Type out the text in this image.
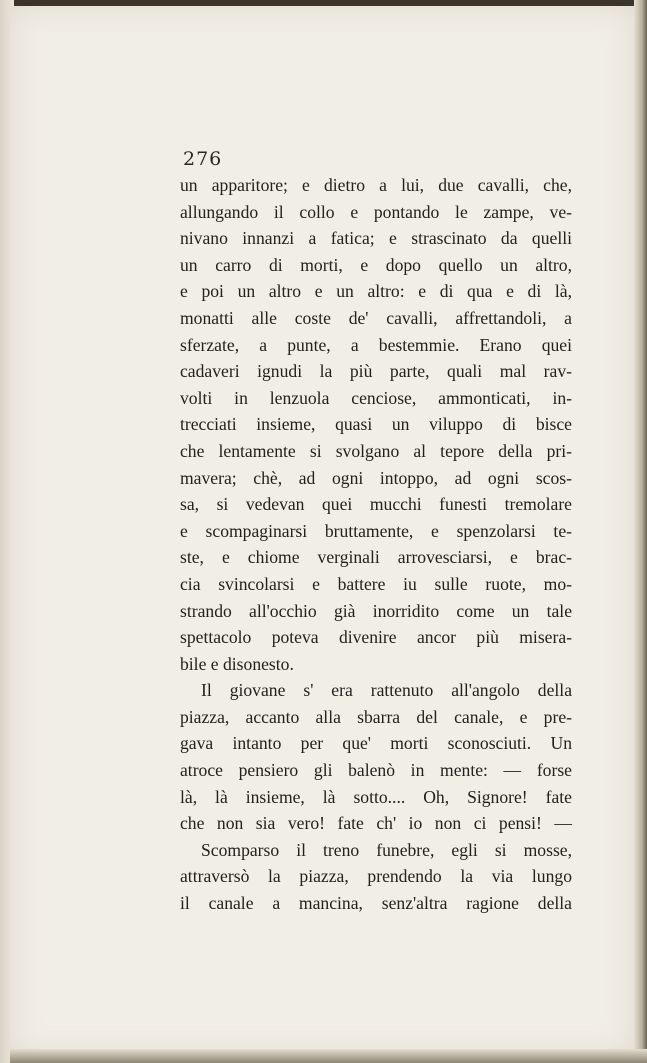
276
un apparitore; e dietro a lui, due cavalli, che,
allungando il collo e pontando le zampe, ve-
nivano innanzi a fatica; e strascinato da quelli
un carro di morti, e dopo quello un altro,
e poi un altro e un altro: e di qua e di là,
monatti alle coste de' cavalli, affrettandoli, a
sferzate, a punte, a bestemmie. Erano quei
cadaveri ignudi la più parte, quali mal rav-
volti in lenzuola cenciose, ammonticati, in-
trecciati insieme, quasi un viluppo di bisce
che lentamente si svolgano al tepore della pri-
mavera; chè, ad ogni intoppo, ad ogni scos-
sa, si vedevan quei mucchi funesti tremolare
e scompaginarsi bruttamente, e spenzolarsi te-
ste, e chiome verginali arrovesciarsi, e brac-
cia svincolarsi e battere iu sulle ruote, mo-
strando all'occhio già inorridito come un tale
spettacolo poteva divenire ancor più misera-
bile e disonesto.
Il giovane s' era rattenuto all'angolo della
piazza, accanto alla sbarra del canale, e pre-
gava intanto per que' morti sconosciuti. Un
atroce pensiero gli balenò in mente: — forse
là, là insieme, là sotto.... Oh, Signore! fate
che non sia vero! fate ch' io non ci pensi! —
Scomparso il treno funebre, egli si mosse,
attraversò la piazza, prendendo la via lungo
il canale a mancina, senz'altra ragione della
